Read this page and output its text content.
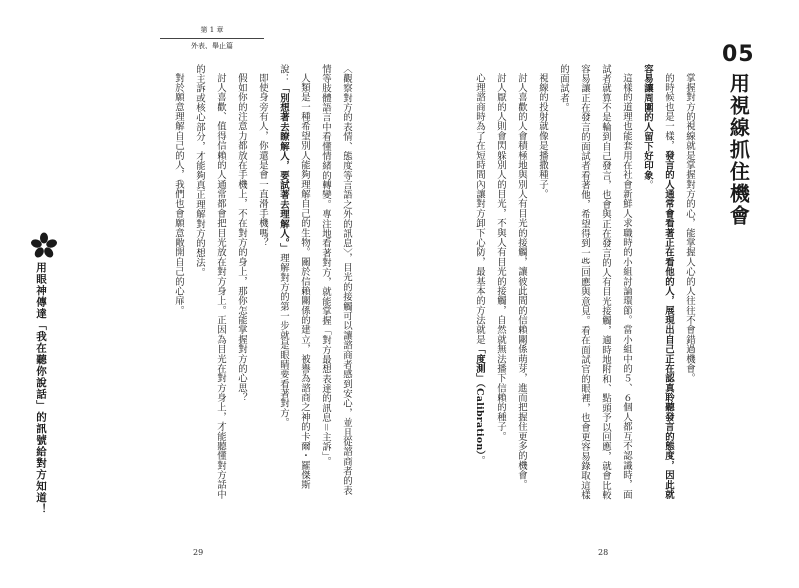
第 1 章
外表、舉止篇	05用視線抓住機會

掌握對方的視線就是掌握對方的心，能掌握人心的人往往不會錯過機會。

的時候也是一樣，發言的人通常會看著正在看他的人，展現出自己正在認真聆聽發言的態度，因此就容易讓周圍的人留下好印象。

這樣的道理也能套用在社會新鮮人求職時的小組討論環節。當小組中的５、６個人都互不認識時，面試者就算不是輪到自己發言，也會與正在發言的人有目光接觸，適時地附和、點頭予以回應，就會比較容易讓正在發言的面試者看著他，希望得到一些回應與意見。看在面試官的眼裡，也會更容易錄取這樣的面試者。

視線的投射就像是播撒種子。

討人喜歡的人會積極地與別人有目光的接觸，讓彼此間的信賴關係萌芽，進而把握住更多的機會。

討人厭的人則會閃躲別人的目光，不與人有目光的接觸，自然就無法播下信賴的種子。

心理諮商時為了在短時間內讓對方卸下心防，最基本的方法就是「度測」（Calibration）。

〈觀察對方的表情、態度等言語之外的訊息〉，目光的接觸可以讓諮商者感到安心，並且從諮商者的表情等肢體語言中看懂情緒的轉變。專注地看著對方，就能掌握「對方最想表達的訊息＝主訴」。

人類是一種希望別人能夠理解自己的生物。關於信賴關係的建立，被譽為諮商之神的卡爾・羅傑斯說：「別想著去瞭解人，要試著去理解人。」理解對方的第一步就是眼睛要看著對方。

即使身旁有人，你還是會一直滑手機嗎？

假如你的注意力都放在手機上，不在對方的身上，那你怎能掌握對方的心思？

討人喜歡、值得信賴的人通常都會把目光放在對方身上。正因為目光在對方身上，才能聽懂對方話中的主訴或核心部分，才能夠真正理解對方的想法。

對於願意理解自己的人，我們也會願意敞開自己的心扉。

用眼神傳達「我在聽你說話」的訊號給對方知道！
29	28
